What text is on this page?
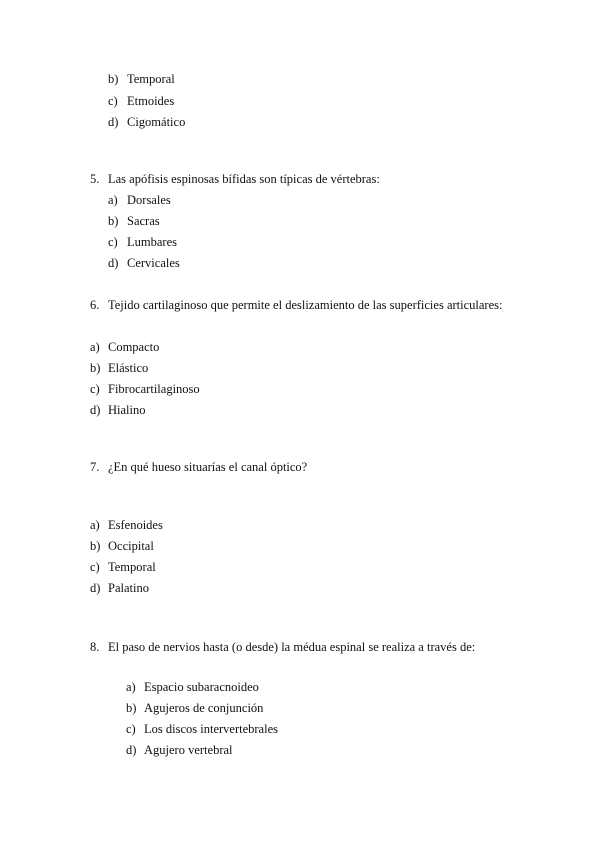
b) Temporal
c) Etmoides
d) Cigomático
5. Las apófisis espinosas bífidas son típicas de vértebras:
a) Dorsales
b) Sacras
c) Lumbares
d) Cervicales
6. Tejido cartilaginoso que permite el deslizamiento de las superficies articulares:
a) Compacto
b) Elástico
c) Fibrocartilaginoso
d) Hialino
7. ¿En qué hueso situarías el canal óptico?
a) Esfenoides
b) Occipital
c) Temporal
d) Palatino
8. El paso de nervios hasta (o desde) la médua espinal se realiza a través de:
a) Espacio subaracnoideo
b) Agujeros de conjunción
c) Los discos intervertebrales
d) Agujero vertebral
